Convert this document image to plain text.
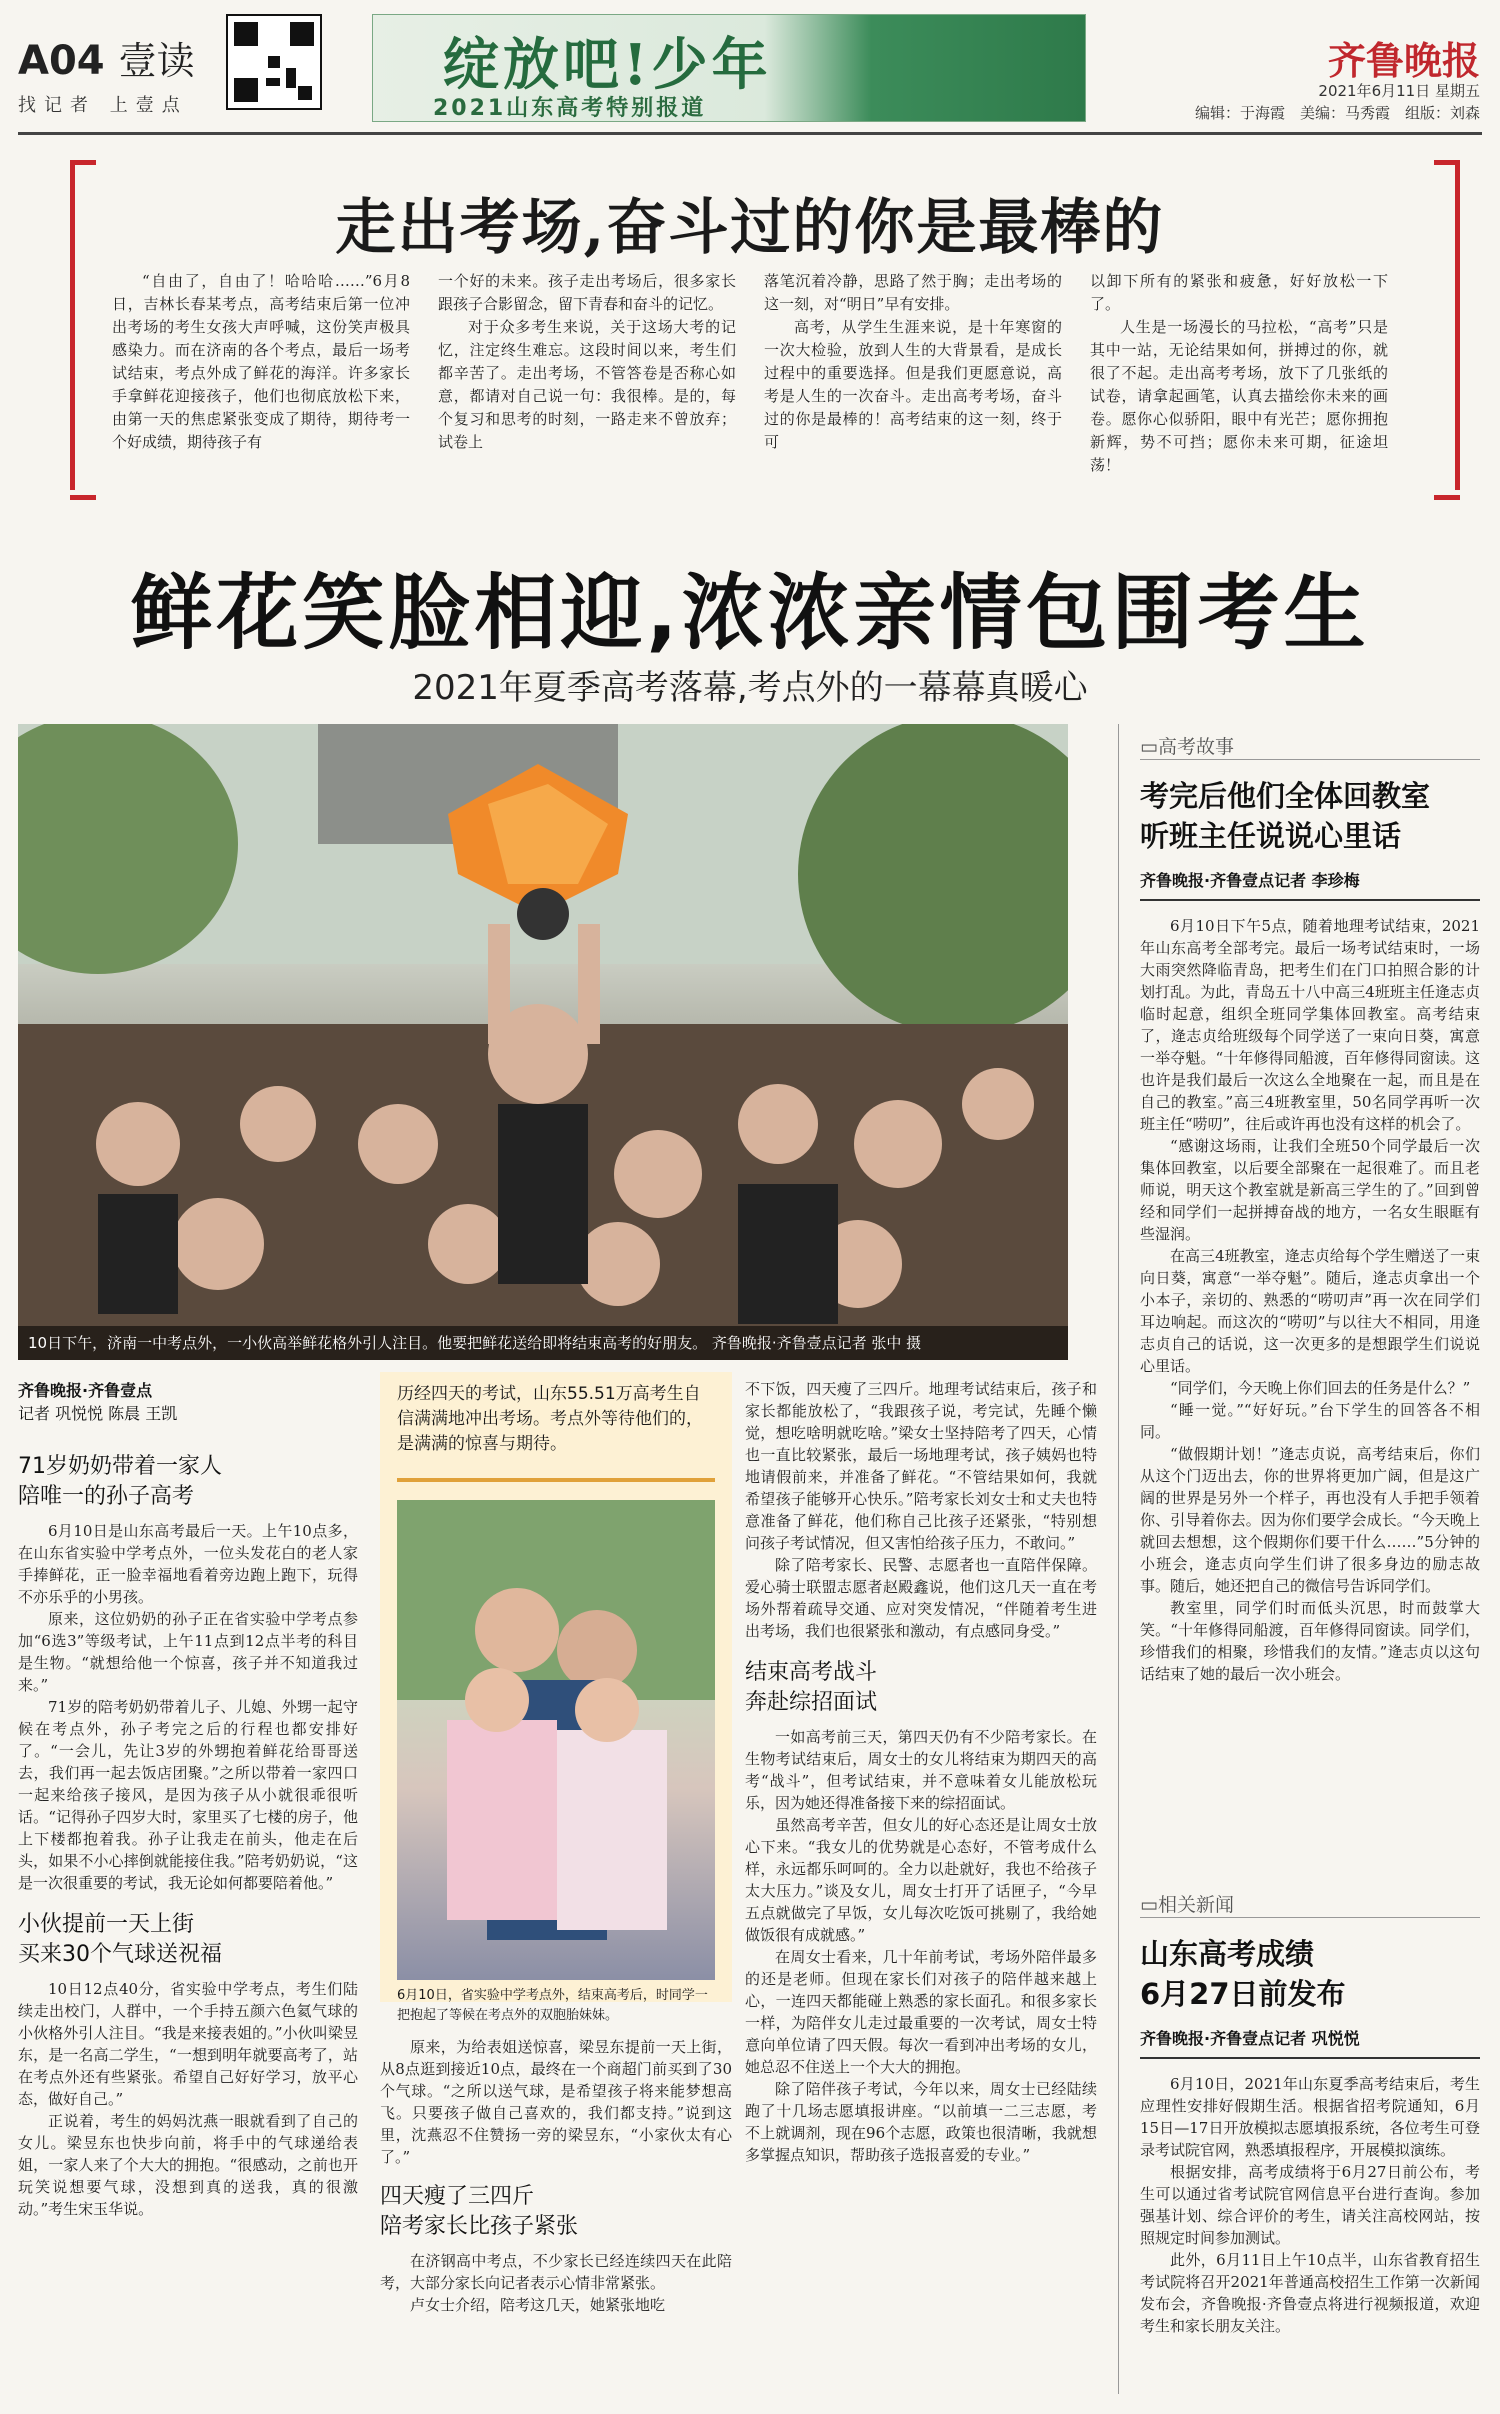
A04 壹读
找记者 上壹点
绽放吧!少年
2021山东高考特别报道
齐鲁晚报
2021年6月11日 星期五
编辑：于海霞　美编：马秀霞　组版：刘森
走出考场,奋斗过的你是最棒的

“自由了，自由了！哈哈哈……”6月8日，吉林长春某考点，高考结束后第一位冲出考场的考生女孩大声呼喊，这份笑声极具感染力。而在济南的各个考点，最后一场考试结束，考点外成了鲜花的海洋。许多家长手拿鲜花迎接孩子，他们也彻底放松下来，由第一天的焦虑紧张变成了期待，期待考一个好成绩，期待孩子有

一个好的未来。孩子走出考场后，很多家长跟孩子合影留念，留下青春和奋斗的记忆。

对于众多考生来说，关于这场大考的记忆，注定终生难忘。这段时间以来，考生们都辛苦了。走出考场，不管答卷是否称心如意，都请对自己说一句：我很棒。是的，每个复习和思考的时刻，一路走来不曾放弃；试卷上

落笔沉着冷静，思路了然于胸；走出考场的这一刻，对“明日”早有安排。

高考，从学生生涯来说，是十年寒窗的一次大检验，放到人生的大背景看，是成长过程中的重要选择。但是我们更愿意说，高考是人生的一次奋斗。走出高考考场，奋斗过的你是最棒的！高考结束的这一刻，终于可

以卸下所有的紧张和疲惫，好好放松一下了。

人生是一场漫长的马拉松，“高考”只是其中一站，无论结果如何，拼搏过的你，就很了不起。走出高考考场，放下了几张纸的试卷，请拿起画笔，认真去描绘你未来的画卷。愿你心似骄阳，眼中有光芒；愿你拥抱新辉，势不可挡；愿你未来可期，征途坦荡！

鲜花笑脸相迎,浓浓亲情包围考生
2021年夏季高考落幕,考点外的一幕幕真暖心
10日下午，济南一中考点外，一小伙高举鲜花格外引人注目。他要把鲜花送给即将结束高考的好朋友。 齐鲁晚报·齐鲁壹点记者 张中 摄
▭高考故事
考完后他们全体回教室
听班主任说说心里话
齐鲁晚报·齐鲁壹点记者 李珍梅

6月10日下午5点，随着地理考试结束，2021年山东高考全部考完。最后一场考试结束时，一场大雨突然降临青岛，把考生们在门口拍照合影的计划打乱。为此，青岛五十八中高三4班班主任逄志贞临时起意，组织全班同学集体回教室。高考结束了，逄志贞给班级每个同学送了一束向日葵，寓意一举夺魁。“十年修得同船渡，百年修得同窗读。这也许是我们最后一次这么全地聚在一起，而且是在自己的教室。”高三4班教室里，50名同学再听一次班主任“唠叨”，往后或许再也没有这样的机会了。

“感谢这场雨，让我们全班50个同学最后一次集体回教室，以后要全部聚在一起很难了。而且老师说，明天这个教室就是新高三学生的了。”回到曾经和同学们一起拼搏奋战的地方，一名女生眼眶有些湿润。

在高三4班教室，逄志贞给每个学生赠送了一束向日葵，寓意“一举夺魁”。随后，逄志贞拿出一个小本子，亲切的、熟悉的“唠叨声”再一次在同学们耳边响起。而这次的“唠叨”与以往大不相同，用逄志贞自己的话说，这一次更多的是想跟学生们说说心里话。

“同学们，今天晚上你们回去的任务是什么？”

“睡一觉。”“好好玩。”台下学生的回答各不相同。

“做假期计划！”逄志贞说，高考结束后，你们从这个门迈出去，你的世界将更加广阔，但是这广阔的世界是另外一个样子，再也没有人手把手领着你、引导着你去。因为你们要学会成长。“今天晚上就回去想想，这个假期你们要干什么……”5分钟的小班会，逄志贞向学生们讲了很多身边的励志故事。随后，她还把自己的微信号告诉同学们。

教室里，同学们时而低头沉思，时而鼓掌大笑。“十年修得同船渡，百年修得同窗读。同学们，珍惜我们的相聚，珍惜我们的友情。”逄志贞以这句话结束了她的最后一次小班会。

▭相关新闻
山东高考成绩
6月27日前发布
齐鲁晚报·齐鲁壹点记者 巩悦悦

6月10日，2021年山东夏季高考结束后，考生应理性安排好假期生活。根据省招考院通知，6月15日—17日开放模拟志愿填报系统，各位考生可登录考试院官网，熟悉填报程序，开展模拟演练。

根据安排，高考成绩将于6月27日前公布，考生可以通过省考试院官网信息平台进行查询。参加强基计划、综合评价的考生，请关注高校网站，按照规定时间参加测试。

此外，6月11日上午10点半，山东省教育招生考试院将召开2021年普通高校招生工作第一次新闻发布会，齐鲁晚报·齐鲁壹点将进行视频报道，欢迎考生和家长朋友关注。

齐鲁晚报·齐鲁壹点
记者 巩悦悦 陈晨 王凯
71岁奶奶带着一家人
陪唯一的孙子高考

6月10日是山东高考最后一天。上午10点多，在山东省实验中学考点外，一位头发花白的老人家手捧鲜花，正一脸幸福地看着旁边跑上跑下，玩得不亦乐乎的小男孩。

原来，这位奶奶的孙子正在省实验中学考点参加“6选3”等级考试，上午11点到12点半考的科目是生物。“就想给他一个惊喜，孩子并不知道我过来。”

71岁的陪考奶奶带着儿子、儿媳、外甥一起守候在考点外，孙子考完之后的行程也都安排好了。“一会儿，先让3岁的外甥抱着鲜花给哥哥送去，我们再一起去饭店团聚。”之所以带着一家四口一起来给孩子接风，是因为孩子从小就很乖很听话。“记得孙子四岁大时，家里买了七楼的房子，他上下楼都抱着我。孙子让我走在前头，他走在后头，如果不小心摔倒就能接住我。”陪考奶奶说，“这是一次很重要的考试，我无论如何都要陪着他。”

小伙提前一天上街
买来30个气球送祝福

10日12点40分，省实验中学考点，考生们陆续走出校门，人群中，一个手持五颜六色氦气球的小伙格外引人注目。“我是来接表姐的。”小伙叫梁昱东，是一名高二学生，“一想到明年就要高考了，站在考点外还有些紧张。希望自己好好学习，放平心态，做好自己。”

正说着，考生的妈妈沈燕一眼就看到了自己的女儿。梁昱东也快步向前，将手中的气球递给表姐，一家人来了个大大的拥抱。“很感动，之前也开玩笑说想要气球，没想到真的送我，真的很激动。”考生宋玉华说。

历经四天的考试，山东55.51万高考生自信满满地冲出考场。考点外等待他们的，是满满的惊喜与期待。
6月10日，省实验中学考点外，结束高考后，时同学一把抱起了等候在考点外的双胞胎妹妹。

原来，为给表姐送惊喜，梁昱东提前一天上街，从8点逛到接近10点，最终在一个商超门前买到了30个气球。“之所以送气球，是希望孩子将来能梦想高飞。只要孩子做自己喜欢的，我们都支持。”说到这里，沈燕忍不住赞扬一旁的梁昱东，“小家伙太有心了。”

四天瘦了三四斤
陪考家长比孩子紧张

在济钢高中考点，不少家长已经连续四天在此陪考，大部分家长向记者表示心情非常紧张。

卢女士介绍，陪考这几天，她紧张地吃

不下饭，四天瘦了三四斤。地理考试结束后，孩子和家长都能放松了，“我跟孩子说，考完试，先睡个懒觉，想吃啥明就吃啥。”梁女士坚持陪考了四天，心情也一直比较紧张，最后一场地理考试，孩子姨妈也特地请假前来，并准备了鲜花。“不管结果如何，我就希望孩子能够开心快乐。”陪考家长刘女士和丈夫也特意准备了鲜花，他们称自己比孩子还紧张，“特别想问孩子考试情况，但又害怕给孩子压力，不敢问。”

除了陪考家长、民警、志愿者也一直陪伴保障。爱心骑士联盟志愿者赵殿鑫说，他们这几天一直在考场外帮着疏导交通、应对突发情况，“伴随着考生进出考场，我们也很紧张和激动，有点感同身受。”

结束高考战斗
奔赴综招面试

一如高考前三天，第四天仍有不少陪考家长。在生物考试结束后，周女士的女儿将结束为期四天的高考“战斗”，但考试结束，并不意味着女儿能放松玩乐，因为她还得准备接下来的综招面试。

虽然高考辛苦，但女儿的好心态还是让周女士放心下来。“我女儿的优势就是心态好，不管考成什么样，永远都乐呵呵的。全力以赴就好，我也不给孩子太大压力。”谈及女儿，周女士打开了话匣子，“今早五点就做完了早饭，女儿每次吃饭可挑剔了，我给她做饭很有成就感。”

在周女士看来，几十年前考试，考场外陪伴最多的还是老师。但现在家长们对孩子的陪伴越来越上心，一连四天都能碰上熟悉的家长面孔。和很多家长一样，为陪伴女儿走过最重要的一次考试，周女士特意向单位请了四天假。每次一看到冲出考场的女儿，她总忍不住送上一个大大的拥抱。

除了陪伴孩子考试，今年以来，周女士已经陆续跑了十几场志愿填报讲座。“以前填一二三志愿，考不上就调剂，现在96个志愿，政策也很清晰，我就想多掌握点知识，帮助孩子选报喜爱的专业。”
